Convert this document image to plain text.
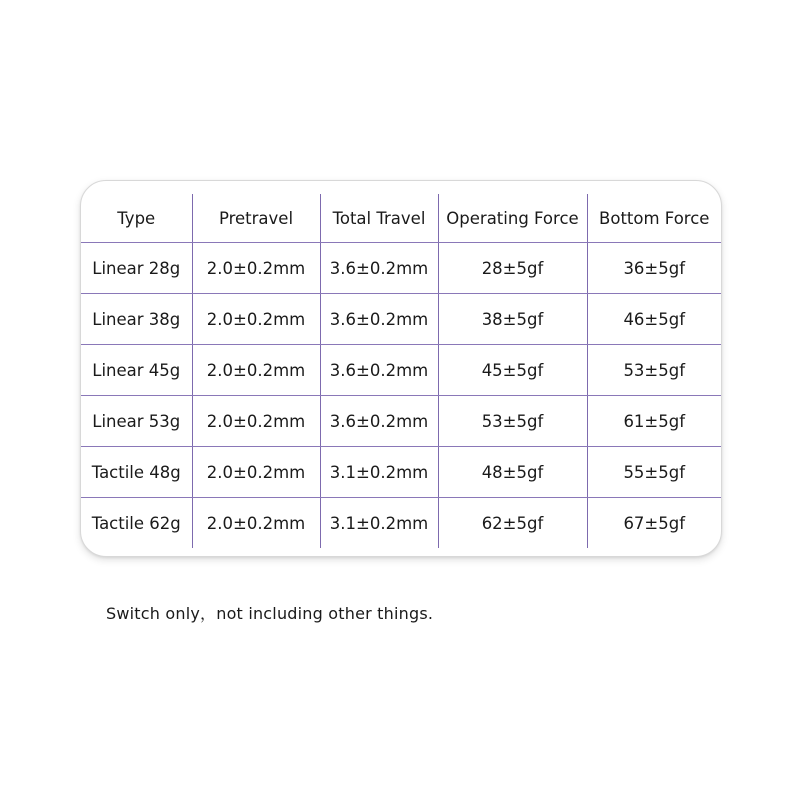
Type	Pretravel	Total Travel	Operating Force	Bottom Force
Linear 28g	2.0±0.2mm	3.6±0.2mm	28±5gf	36±5gf
Linear 38g	2.0±0.2mm	3.6±0.2mm	38±5gf	46±5gf
Linear 45g	2.0±0.2mm	3.6±0.2mm	45±5gf	53±5gf
Linear 53g	2.0±0.2mm	3.6±0.2mm	53±5gf	61±5gf
Tactile 48g	2.0±0.2mm	3.1±0.2mm	48±5gf	55±5gf
Tactile 62g	2.0±0.2mm	3.1±0.2mm	62±5gf	67±5gf
Switch only，not including other things.
